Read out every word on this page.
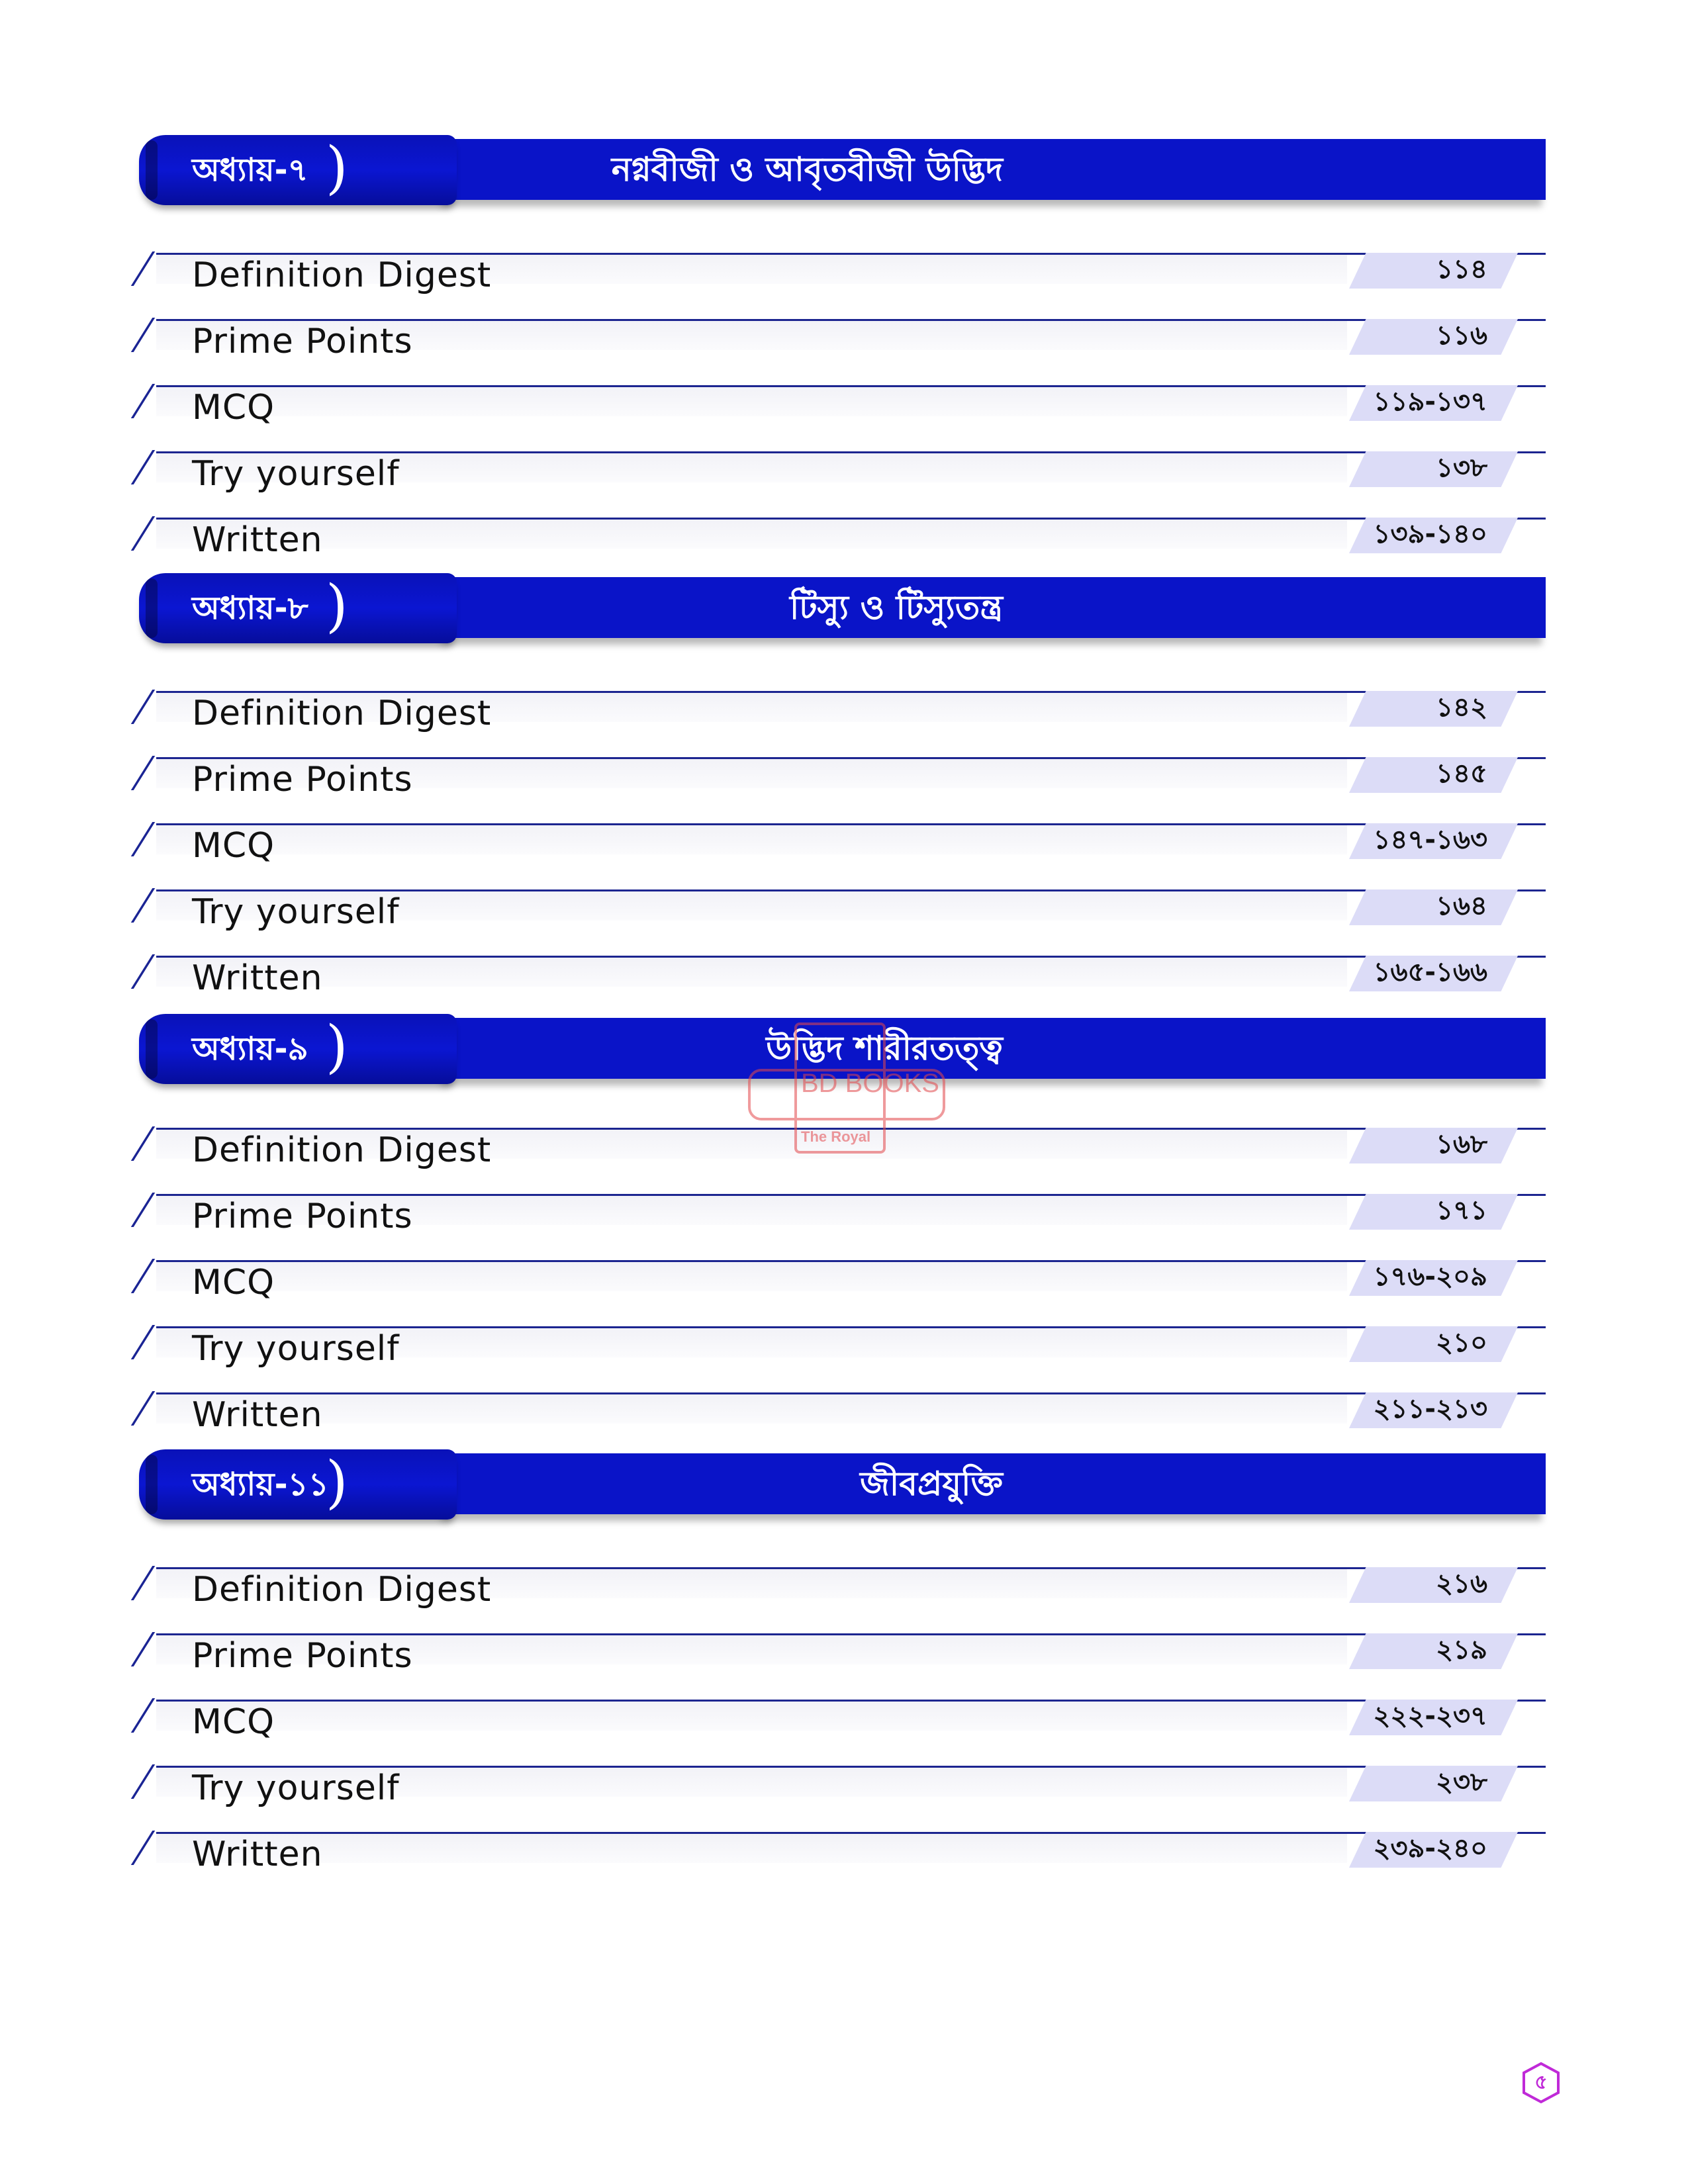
নগ্নবীজী ও আবৃতবীজী উদ্ভিদ
অধ্যায়-৭ )
Definition Digest	১১৪
Prime Points	১১৬
MCQ	১১৯-১৩৭
Try yourself	১৩৮
Written	১৩৯-১৪০
টিস্যু ও টিস্যুতন্ত্র
অধ্যায়-৮ )
Definition Digest	১৪২
Prime Points	১৪৫
MCQ	১৪৭-১৬৩
Try yourself	১৬৪
Written	১৬৫-১৬৬
উদ্ভিদ শারীরতত্ত্ব
অধ্যায়-৯ )
Definition Digest	১৬৮
Prime Points	১৭১
MCQ	১৭৬-২০৯
Try yourself	২১০
Written	২১১-২১৩
জীবপ্রযুক্তি
অধ্যায়-১১
)
Definition Digest	২১৬
Prime Points	২১৯
MCQ	২২২-২৩৭
Try yourself	২৩৮
Written	২৩৯-২৪০
BD BOOKS
The Royal
৫
